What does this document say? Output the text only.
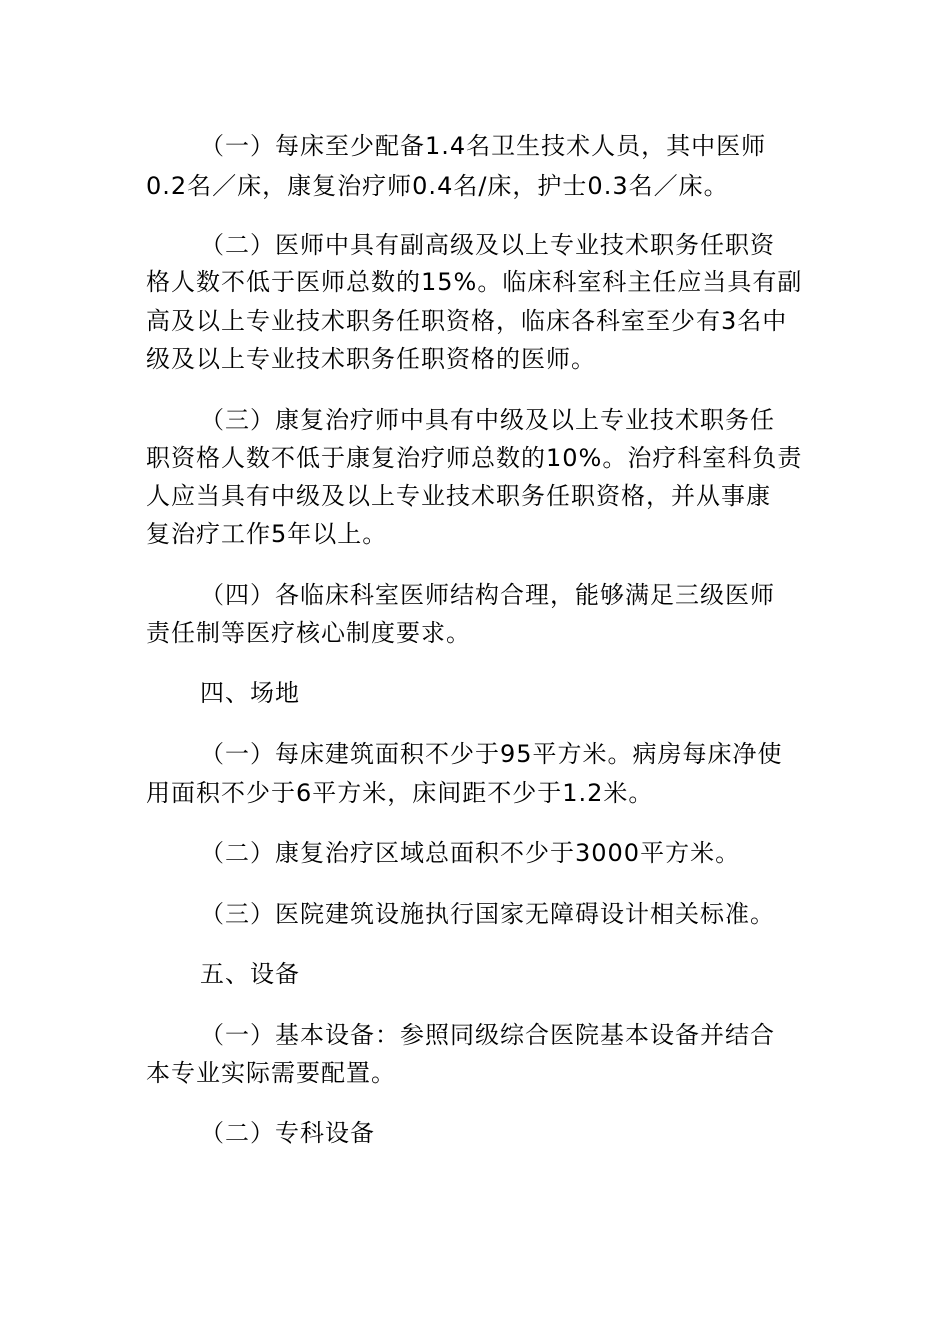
（一）每床至少配备1.4名卫生技术人员，其中医师
0.2名／床，康复治疗师0.4名/床，护士0.3名／床。
（二）医师中具有副高级及以上专业技术职务任职资
格人数不低于医师总数的15%。临床科室科主任应当具有副
高及以上专业技术职务任职资格，临床各科室至少有3名中
级及以上专业技术职务任职资格的医师。
（三）康复治疗师中具有中级及以上专业技术职务任
职资格人数不低于康复治疗师总数的10%。治疗科室科负责
人应当具有中级及以上专业技术职务任职资格，并从事康
复治疗工作5年以上。
（四）各临床科室医师结构合理，能够满足三级医师
责任制等医疗核心制度要求。
四、场地
（一）每床建筑面积不少于95平方米。病房每床净使
用面积不少于6平方米，床间距不少于1.2米。
（二）康复治疗区域总面积不少于3000平方米。
（三）医院建筑设施执行国家无障碍设计相关标准。
五、设备
（一）基本设备：参照同级综合医院基本设备并结合
本专业实际需要配置。
（二）专科设备
